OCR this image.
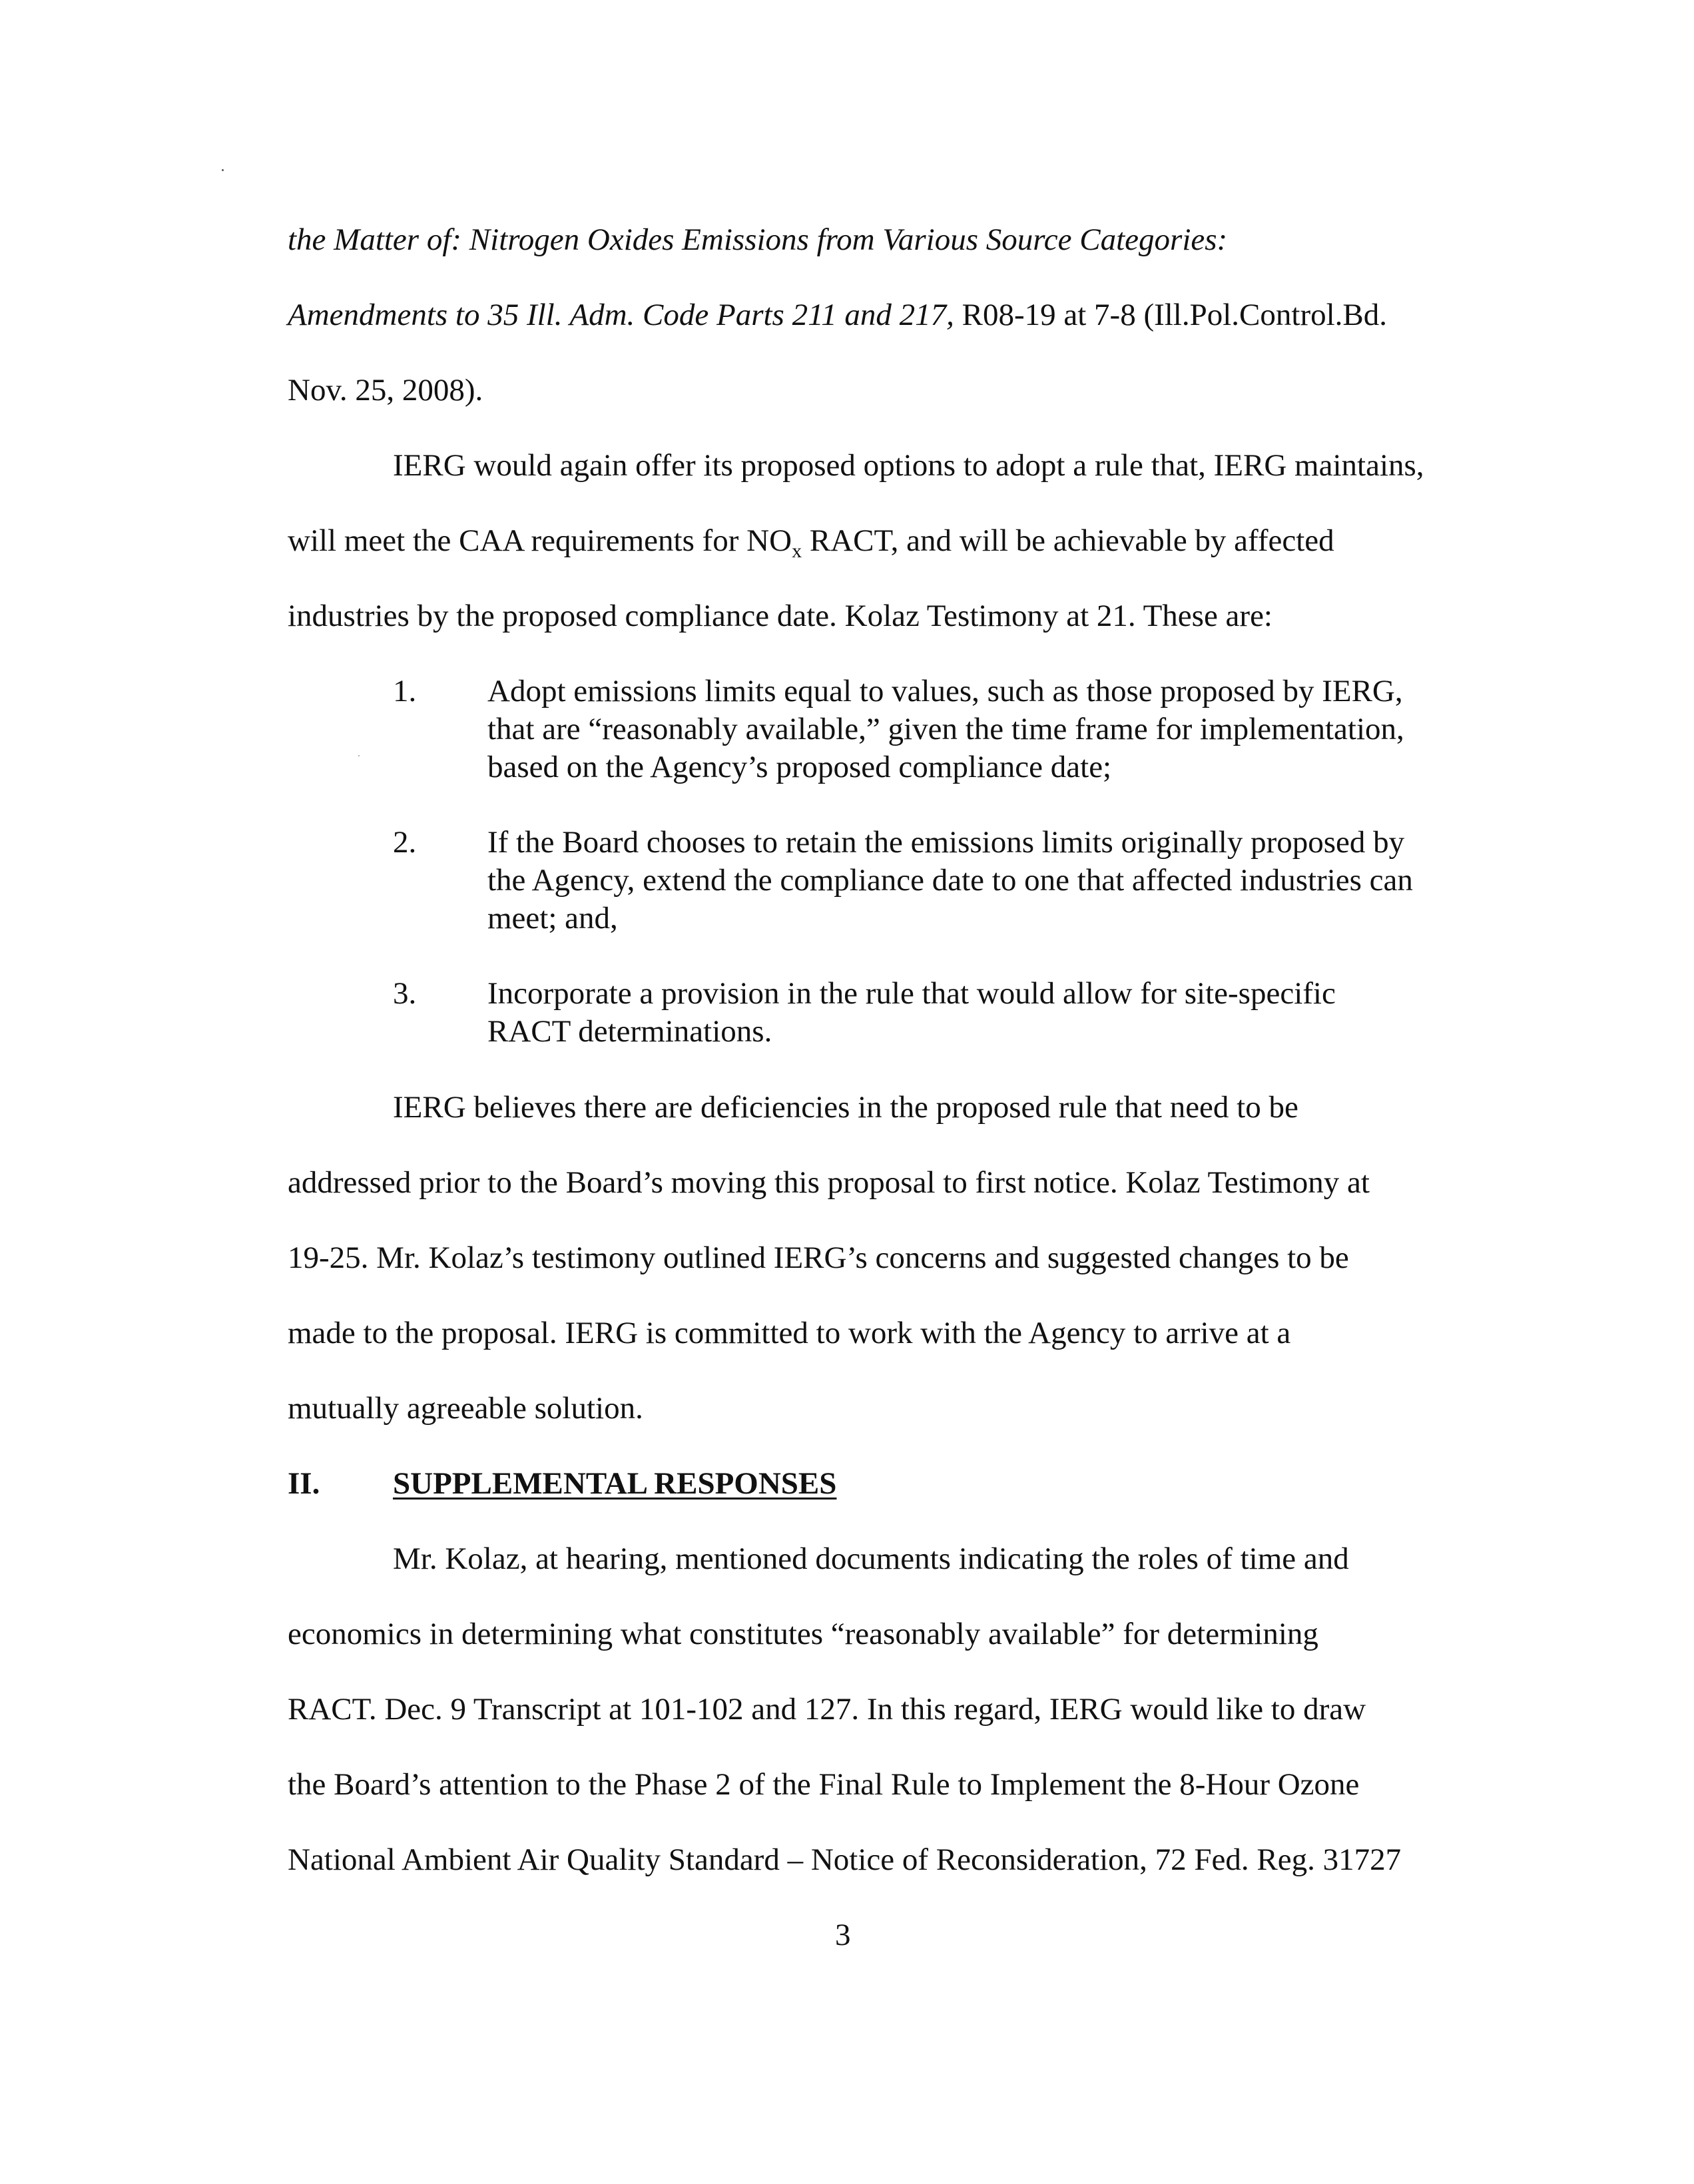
the Matter of: Nitrogen Oxides Emissions from Various Source Categories:
Amendments to 35 Ill. Adm. Code Parts 211 and 217, R08-19 at 7-8 (Ill.Pol.Control.Bd.
Nov. 25, 2008).
IERG would again offer its proposed options to adopt a rule that, IERG maintains,
will meet the CAA requirements for $NO_x$ RACT, and will be achievable by affected
industries by the proposed compliance date. Kolaz Testimony at 21. These are:
1. Adopt emissions limits equal to values, such as those proposed by IERG,
that are “reasonably available,” given the time frame for implementation,
based on the Agency’s proposed compliance date;
2. If the Board chooses to retain the emissions limits originally proposed by
the Agency, extend the compliance date to one that affected industries can
meet; and,
3. Incorporate a provision in the rule that would allow for site-specific
RACT determinations.
IERG believes there are deficiencies in the proposed rule that need to be
addressed prior to the Board’s moving this proposal to first notice. Kolaz Testimony at
19-25. Mr. Kolaz’s testimony outlined IERG’s concerns and suggested changes to be
made to the proposal. IERG is committed to work with the Agency to arrive at a
mutually agreeable solution.
II. SUPPLEMENTAL RESPONSES
Mr. Kolaz, at hearing, mentioned documents indicating the roles of time and
economics in determining what constitutes “reasonably available” for determining
RACT. Dec. 9 Transcript at 101-102 and 127. In this regard, IERG would like to draw
the Board’s attention to the Phase 2 of the Final Rule to Implement the 8-Hour Ozone
National Ambient Air Quality Standard – Notice of Reconsideration, 72 Fed. Reg. 31727
3
